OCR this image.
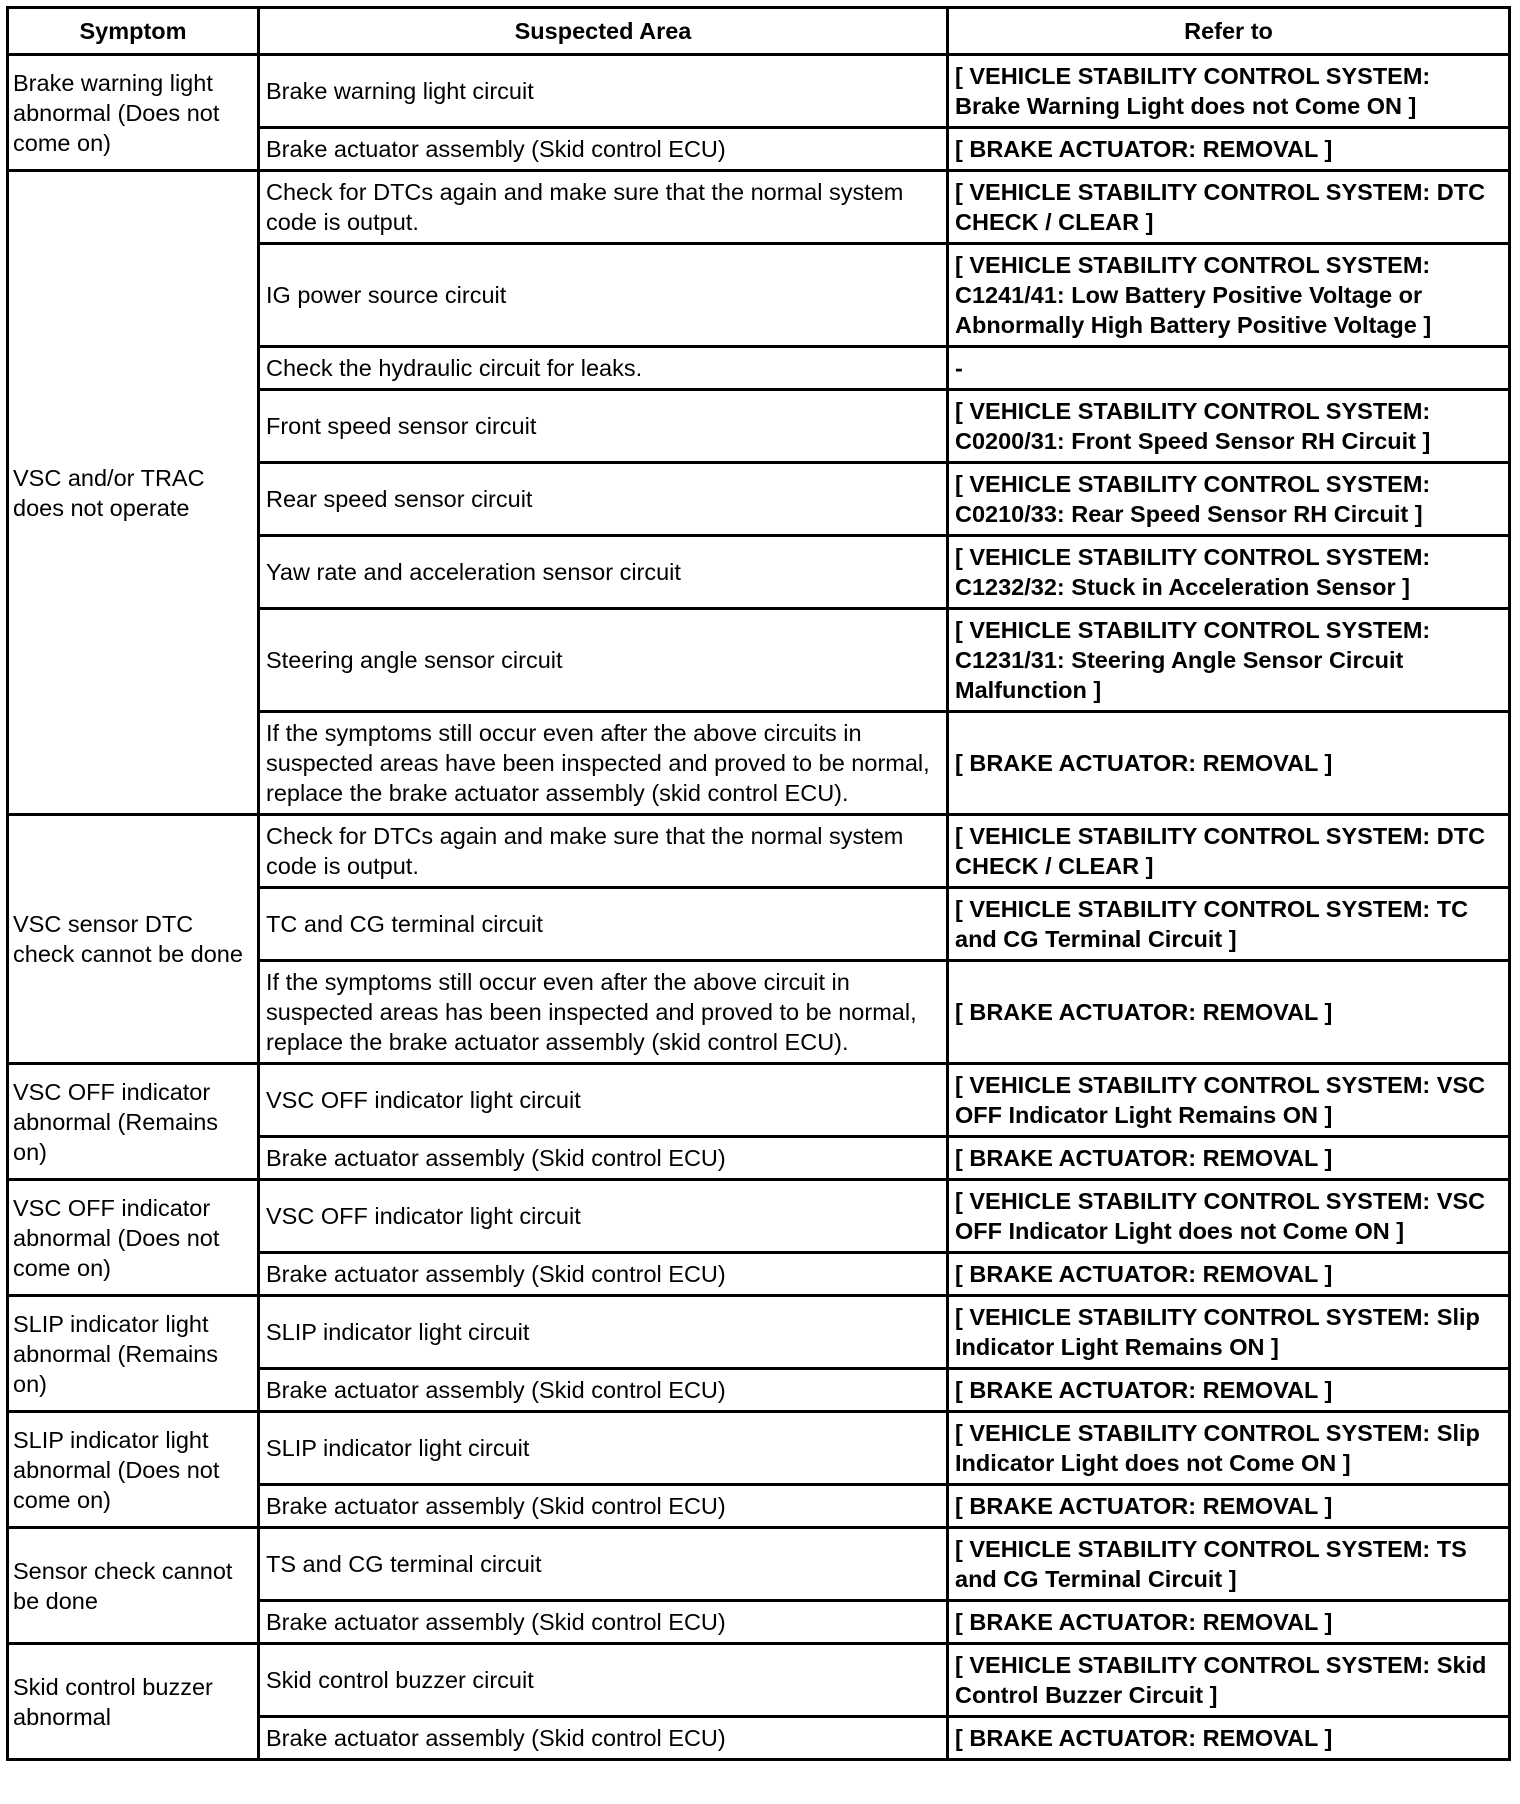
Symptom	Suspected Area	Refer to
Brake warning light abnormal (Does not come on)	Brake warning light circuit	[ VEHICLE STABILITY CONTROL SYSTEM: Brake Warning Light does not Come ON ]
	Brake actuator assembly (Skid control ECU)	[ BRAKE ACTUATOR: REMOVAL ]
VSC and/or TRAC does not operate	Check for DTCs again and make sure that the normal system code is output.	[ VEHICLE STABILITY CONTROL SYSTEM: DTC CHECK / CLEAR ]
	IG power source circuit	[ VEHICLE STABILITY CONTROL SYSTEM: C1241/41: Low Battery Positive Voltage or Abnormally High Battery Positive Voltage ]
	Check the hydraulic circuit for leaks.	-
	Front speed sensor circuit	[ VEHICLE STABILITY CONTROL SYSTEM: C0200/31: Front Speed Sensor RH Circuit ]
	Rear speed sensor circuit	[ VEHICLE STABILITY CONTROL SYSTEM: C0210/33: Rear Speed Sensor RH Circuit ]
	Yaw rate and acceleration sensor circuit	[ VEHICLE STABILITY CONTROL SYSTEM: C1232/32: Stuck in Acceleration Sensor ]
	Steering angle sensor circuit	[ VEHICLE STABILITY CONTROL SYSTEM: C1231/31: Steering Angle Sensor Circuit Malfunction ]
	If the symptoms still occur even after the above circuits in suspected areas have been inspected and proved to be normal, replace the brake actuator assembly (skid control ECU).	[ BRAKE ACTUATOR: REMOVAL ]
VSC sensor DTC check cannot be done	Check for DTCs again and make sure that the normal system code is output.	[ VEHICLE STABILITY CONTROL SYSTEM: DTC CHECK / CLEAR ]
	TC and CG terminal circuit	[ VEHICLE STABILITY CONTROL SYSTEM: TC and CG Terminal Circuit ]
	If the symptoms still occur even after the above circuit in suspected areas has been inspected and proved to be normal, replace the brake actuator assembly (skid control ECU).	[ BRAKE ACTUATOR: REMOVAL ]
VSC OFF indicator abnormal (Remains on)	VSC OFF indicator light circuit	[ VEHICLE STABILITY CONTROL SYSTEM: VSC OFF Indicator Light Remains ON ]
	Brake actuator assembly (Skid control ECU)	[ BRAKE ACTUATOR: REMOVAL ]
VSC OFF indicator abnormal (Does not come on)	VSC OFF indicator light circuit	[ VEHICLE STABILITY CONTROL SYSTEM: VSC OFF Indicator Light does not Come ON ]
	Brake actuator assembly (Skid control ECU)	[ BRAKE ACTUATOR: REMOVAL ]
SLIP indicator light abnormal (Remains on)	SLIP indicator light circuit	[ VEHICLE STABILITY CONTROL SYSTEM: Slip Indicator Light Remains ON ]
	Brake actuator assembly (Skid control ECU)	[ BRAKE ACTUATOR: REMOVAL ]
SLIP indicator light abnormal (Does not come on)	SLIP indicator light circuit	[ VEHICLE STABILITY CONTROL SYSTEM: Slip Indicator Light does not Come ON ]
	Brake actuator assembly (Skid control ECU)	[ BRAKE ACTUATOR: REMOVAL ]
Sensor check cannot be done	TS and CG terminal circuit	[ VEHICLE STABILITY CONTROL SYSTEM: TS and CG Terminal Circuit ]
	Brake actuator assembly (Skid control ECU)	[ BRAKE ACTUATOR: REMOVAL ]
Skid control buzzer abnormal	Skid control buzzer circuit	[ VEHICLE STABILITY CONTROL SYSTEM: Skid Control Buzzer Circuit ]
	Brake actuator assembly (Skid control ECU)	[ BRAKE ACTUATOR: REMOVAL ]
